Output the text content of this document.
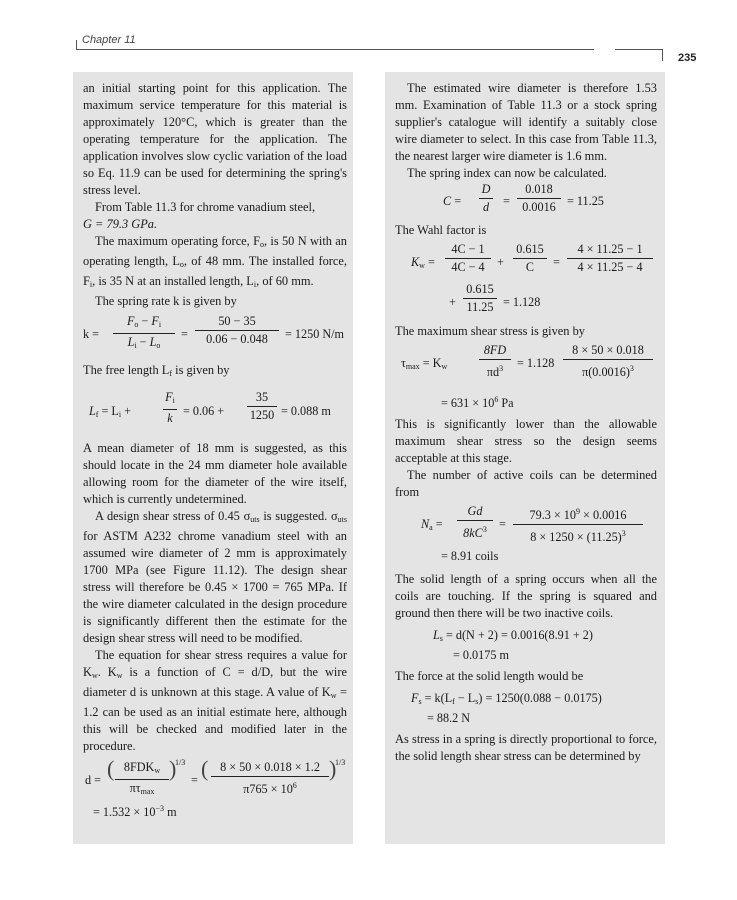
Chapter 11
235

an initial starting point for this application. The maximum service temperature for this material is approximately 120°C, which is greater than the operating temperature for the application. The application involves slow cyclic variation of the load so Eq. 11.9 can be used for determining the spring's stress level.

From Table 11.3 for chrome vanadium steel,
G = 79.3 GPa.

The maximum operating force, $F_o$, is 50 N with an operating length, $L_o$, of 48 mm. The installed force, $F_i$, is 35 N at an installed length, $L_i$, of 60 mm.

The spring rate k is given by

k =
$F_o - F_i$
$L_i - L_o$
=
50 − 35
0.06 − 0.048	= 1250 N/m

The free length $L_f$ is given by

$L_f = L_i$ +
$F_i$
k = 0.06 +
35
1250 = 0.088 m

A mean diameter of 18 mm is suggested, as this should locate in the 24 mm diameter hole available allowing room for the diameter of the wire itself, which is currently undetermined.

A design shear stress of 0.45 $\sigma_{uts}$ is suggested. $\sigma_{uts}$ for ASTM A232 chrome vanadium steel with an assumed wire diameter of 2 mm is approximately 1700 MPa (see Figure 11.12). The design shear stress will therefore be 0.45 × 1700 = 765 MPa. If the wire diameter calculated in the design procedure is significantly different then the estimate for the design shear stress will need to be modified.

The equation for shear stress requires a value for $K_w$. $K_w$ is a function of C = d/D, but the wire diameter d is unknown at this stage. A value of $K_w = 1.2$ can be used as an initial estimate here, although this will be checked and modified later in the procedure.

d = ( $8FDK_w$
$\pi\tau_{max}$
)
1/3
= ( 8 × 50 × 0.018 × 1.2
$\pi 765 \times 10^6$
)
1/3
= $1.532 \times 10^{-3}$ m

The estimated wire diameter is therefore 1.53 mm. Examination of Table 11.3 or a stock spring supplier's catalogue will identify a suitably close wire diameter to select. In this case from Table 11.3, the nearest larger wire diameter is 1.6 mm.

The spring index can now be calculated.

C =
D
d	=
0.018
0.0016 = 11.25

The Wahl factor is

$K_w$ =
4C − 1
4C − 4	+
0.615
C	=
4 × 11.25 − 1
4 × 11.25 − 4
+
0.615
11.25 = 1.128

The maximum shear stress is given by

$\tau_{max} = K_w$
8FD
$\pi d^3$	= 1.128
8 × 50 × 0.018
$\pi(0.0016)^3$
= $631 \times 10^6$ Pa

This is significantly lower than the allowable maximum shear stress so the design seems acceptable at this stage.

The number of active coils can be determined from

$N_a$ =
Gd
$8kC^3$ =
$79.3 \times 10^9 \times 0.0016$
$8 \times 1250 \times (11.25)^3$
= 8.91 coils

The solid length of a spring occurs when all the coils are touching. If the spring is squared and ground then there will be two inactive coils.

$L_s = d(N + 2) = 0.0016(8.91 + 2)$
= 0.0175 m

The force at the solid length would be

$F_s = k(L_f - L_s) = 1250(0.088 - 0.0175)$
= 88.2 N

As stress in a spring is directly proportional to force, the solid length shear stress can be determined by
